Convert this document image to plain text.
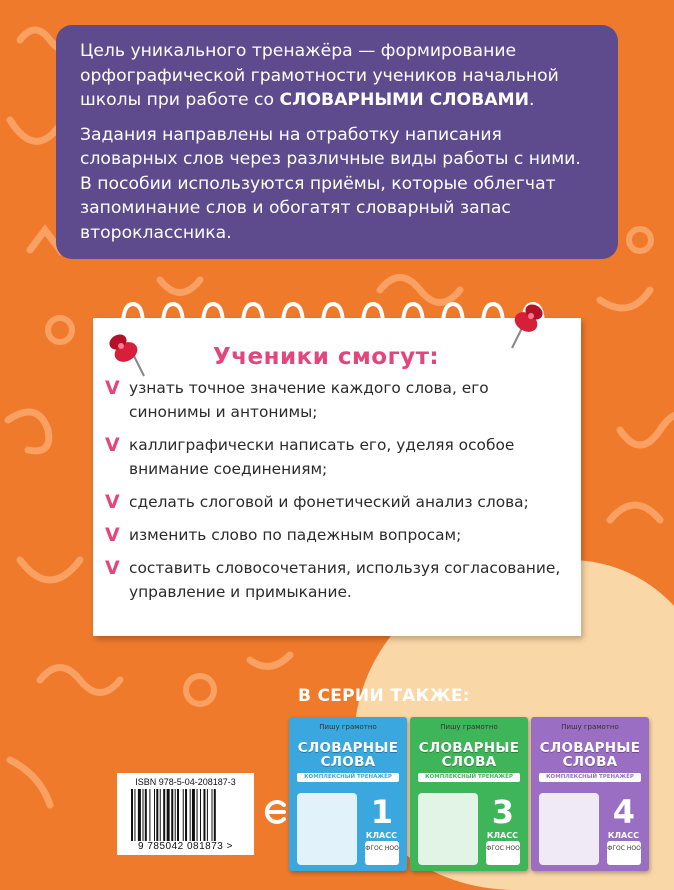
Цель уникального тренажёра — формирование орфографической грамотности учеников начальной школы при работе со СЛОВАРНЫМИ СЛОВАМИ.

Задания направлены на отработку написания словарных слов через различные виды работы с ними. В пособии используются приёмы, которые облегчат запоминание слов и обогатят словарный запас второклассника.

Ученики смогут:
V узнать точное значение каждого слова, его синонимы и антонимы;
V каллиграфически написать его, уделяя особое внимание соединениям;
V сделать слоговой и фонетический анализ слова;
V изменить слово по падежным вопросам;
V составить словосочетания, используя согласование, управление и примыкание.
В СЕРИИ ТАКЖЕ:
Пишу грамотно
СЛОВАРНЫЕ
СЛОВА
КОМПЛЕКСНЫЙ ТРЕНАЖЁР
1
КЛАСС
ФГОС НОО
Пишу грамотно
СЛОВАРНЫЕ
СЛОВА
КОМПЛЕКСНЫЙ ТРЕНАЖЁР
3
КЛАСС
ФГОС НОО
Пишу грамотно
СЛОВАРНЫЕ
СЛОВА
КОМПЛЕКСНЫЙ ТРЕНАЖЁР
4
КЛАСС
ФГОС НОО
ISBN 978-5-04-208187-3
9 785042 081873 >
